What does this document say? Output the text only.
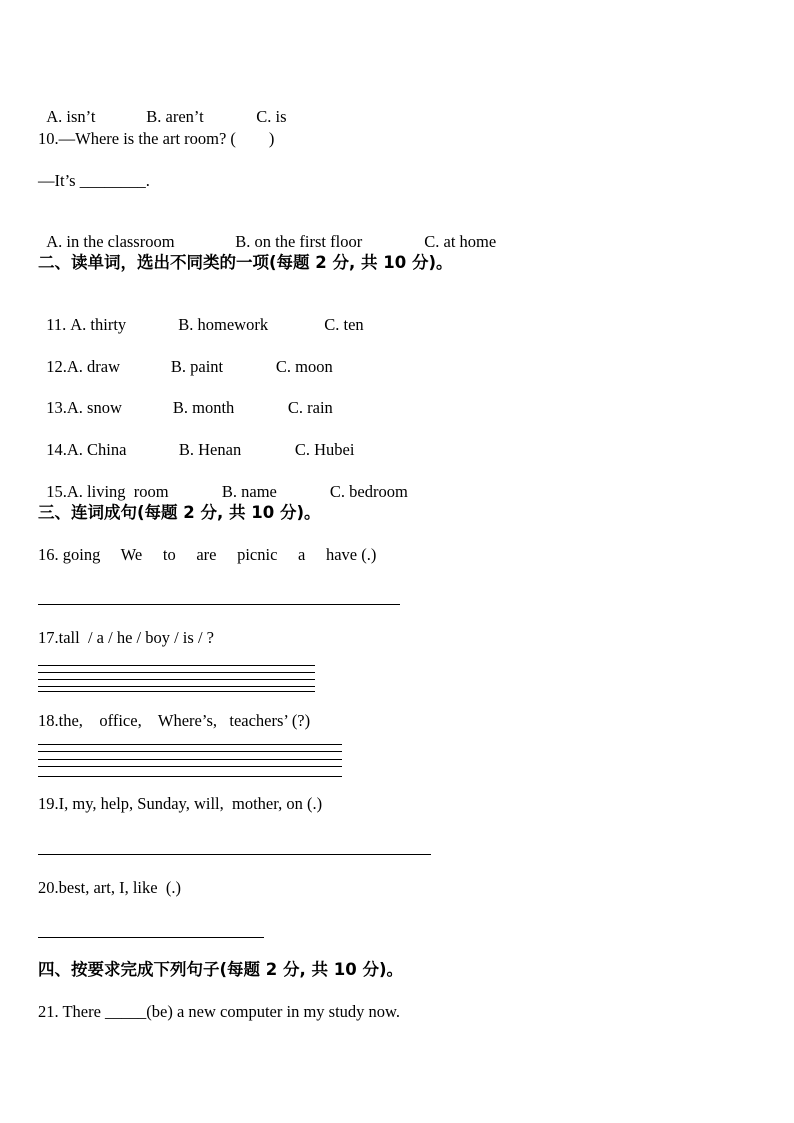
A. isn’t	B. aren’t	C. is

10.—Where is the art room? (        )
—It’s ________.

A. in the classroom	B. on the first floor	C. at home

二、读单词，选出不同类的一项(每题 2 分, 共 10 分)。

11. A. thirty	B. homework	C. ten

12.A. draw	B. paint	C. moon

13.A. snow	B. month	C. rain

14.A. China	B. Henan	C. Hubei

15.A. living  room	B. name	C. bedroom

三、连词成句(每题 2 分, 共 10 分)。
16. going     We     to     are     picnic     a     have (.)
17.tall  / a / he / boy / is / ?
18.the,    office,    Where’s,   teachers’ (?)
19.I, my, help, Sunday, will,  mother, on (.)
20.best, art, I, like  (.)
四、按要求完成下列句子(每题 2 分, 共 10 分)。
21. There _____(be) a new computer in my study now.
